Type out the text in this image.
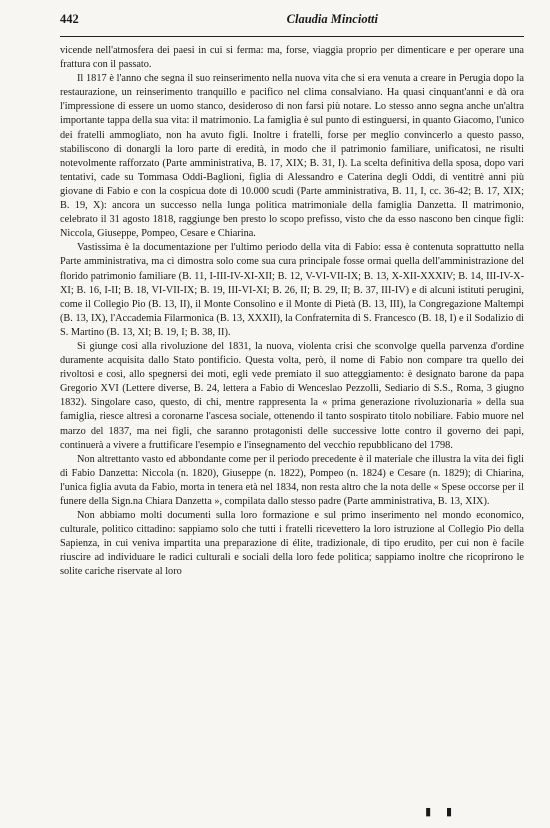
442	Claudia Minciotti

vicende nell'atmosfera dei paesi in cui si ferma: ma, forse, viaggia proprio per dimenticare e per operare una frattura con il passato.

Il 1817 è l'anno che segna il suo reinserimento nella nuova vita che si era venuta a creare in Perugia dopo la restaurazione, un reinserimento tranquillo e pacifico nel clima consalviano. Ha quasi cinquant'anni e dà ora l'impressione di essere un uomo stanco, desideroso di non farsi più notare. Lo stesso anno segna anche un'altra importante tappa della sua vita: il matrimonio. La famiglia è sul punto di estinguersi, in quanto Giacomo, l'unico dei fratelli ammogliato, non ha avuto figli. Inoltre i fratelli, forse per meglio convincerlo a questo passo, stabiliscono di donargli la loro parte di eredità, in modo che il patrimonio familiare, unificatosi, ne risulti notevolmente rafforzato (Parte amministrativa, B. 17, XIX; B. 31, I). La scelta definitiva della sposa, dopo vari tentativi, cade su Tommasa Oddi-Baglioni, figlia di Alessandro e Caterina degli Oddi, di ventitrè anni più giovane di Fabio e con la cospicua dote di 10.000 scudi (Parte amministrativa, B. 11, I, cc. 36-42; B. 17, XIX; B. 19, X): ancora un successo nella lunga politica matrimoniale della famiglia Danzetta. Il matrimonio, celebrato il 31 agosto 1818, raggiunge ben presto lo scopo prefisso, visto che da esso nascono ben cinque figli: Niccola, Giuseppe, Pompeo, Cesare e Chiarina.

Vastissima è la documentazione per l'ultimo periodo della vita di Fabio: essa è contenuta soprattutto nella Parte amministrativa, ma ci dimostra solo come sua cura principale fosse ormai quella dell'amministrazione del florido patrimonio familiare (B. 11, I-III-IV-XI-XII; B. 12, V-VI-VII-IX; B. 13, X-XII-XXXIV; B. 14, III-IV-X-XI; B. 16, I-II; B. 18, VI-VII-IX; B. 19, III-VI-XI; B. 26, II; B. 29, II; B. 37, III-IV) e di alcuni istituti perugini, come il Collegio Pio (B. 13, II), il Monte Consolino e il Monte di Pietà (B. 13, III), la Congregazione Maltempi (B. 13, IX), l'Accademia Filarmonica (B. 13, XXXII), la Confraternita di S. Francesco (B. 18, I) e il Sodalizio di S. Martino (B. 13, XI; B. 19, I; B. 38, II).

Si giunge così alla rivoluzione del 1831, la nuova, violenta crisi che sconvolge quella parvenza d'ordine duramente acquisita dallo Stato pontificio. Questa volta, però, il nome di Fabio non compare tra quello dei rivoltosi e così, allo spegnersi dei moti, egli vede premiato il suo atteggiamento: è designato barone da papa Gregorio XVI (Lettere diverse, B. 24, lettera a Fabio di Wenceslao Pezzolli, Sediario di S.S., Roma, 3 giugno 1832). Singolare caso, questo, di chi, mentre rappresenta la « prima generazione rivoluzionaria » della sua famiglia, riesce altresì a coronarne l'ascesa sociale, ottenendo il tanto sospirato titolo nobiliare. Fabio muore nel marzo del 1837, ma nei figli, che saranno protagonisti delle successive lotte contro il governo dei papi, continuerà a vivere a fruttificare l'esempio e l'insegnamento del vecchio repubblicano del 1798.

Non altrettanto vasto ed abbondante come per il periodo precedente è il materiale che illustra la vita dei figli di Fabio Danzetta: Niccola (n. 1820), Giuseppe (n. 1822), Pompeo (n. 1824) e Cesare (n. 1829); di Chiarina, l'unica figlia avuta da Fabio, morta in tenera età nel 1834, non resta altro che la nota delle « Spese occorse per il funere della Sign.na Chiara Danzetta », compilata dallo stesso padre (Parte amministrativa, B. 13, XIX).

Non abbiamo molti documenti sulla loro formazione e sul primo inserimento nel mondo economico, culturale, politico cittadino: sappiamo solo che tutti i fratelli ricevettero la loro istruzione al Collegio Pio della Sapienza, in cui veniva impartita una preparazione di élite, tradizionale, di tipo erudito, per cui non è facile riuscire ad individuare le radici culturali e sociali della loro fede politica; sappiamo inoltre che ricoprirono le solite cariche riservate al loro

▮ ▮
